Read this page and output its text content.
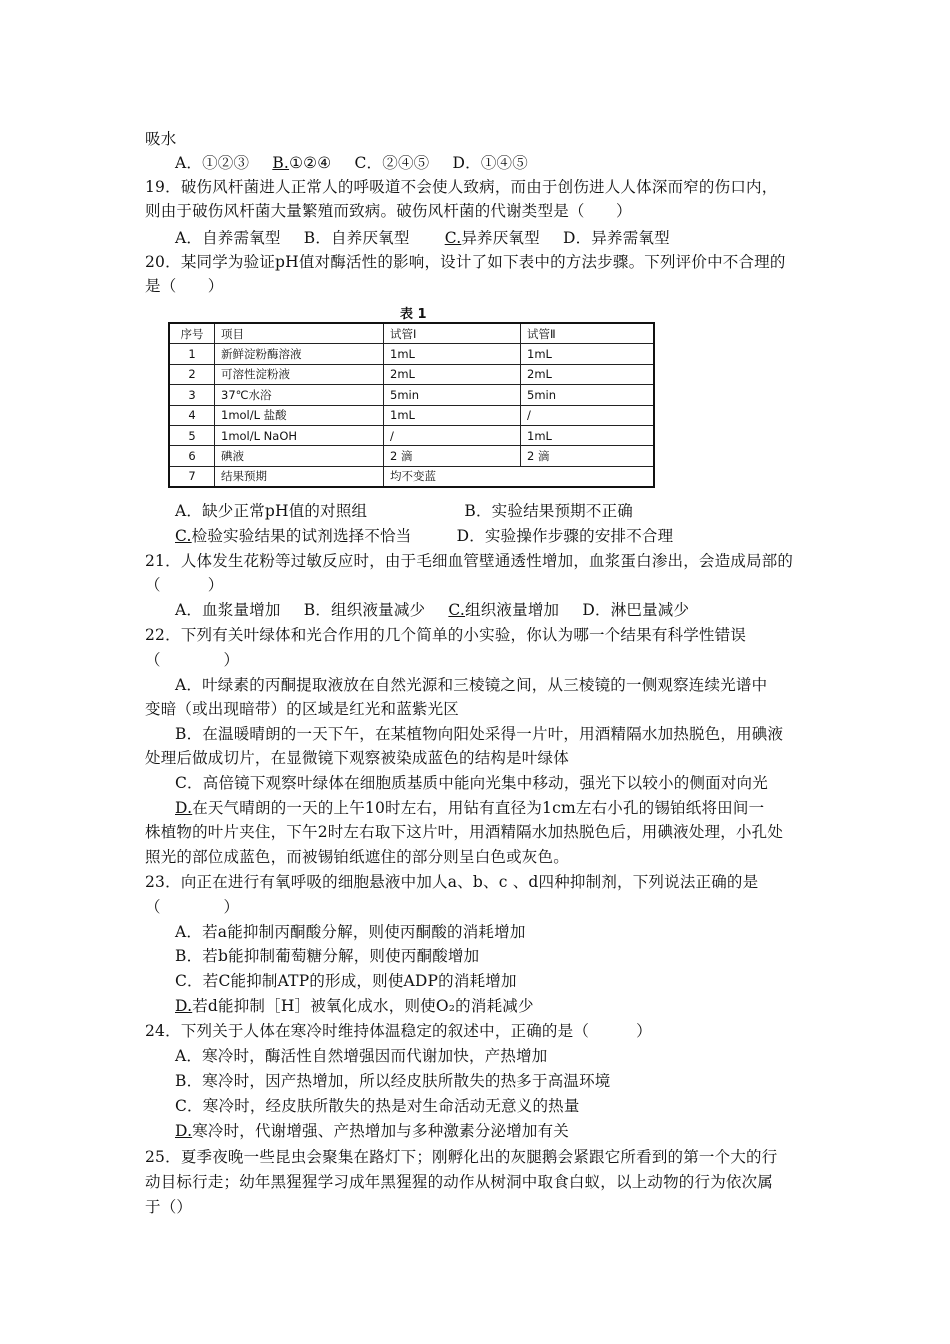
吸水
A．①②③ B.①②④ C．②④⑤ D．①④⑤
19．破伤风杆菌进人正常人的呼吸道不会使人致病，而由于创伤进人人体深而窄的伤口内，
则由于破伤风杆菌大量繁殖而致病。破伤风杆菌的代谢类型是（　　）
A．自养需氧型 B．自养厌氧型 C.异养厌氧型 D．异养需氧型
20．某同学为验证pH值对酶活性的影响，设计了如下表中的方法步骤。下列评价中不合理的
是（　　）
表 1
序号	项目	试管Ⅰ	试管Ⅱ
1	新鲜淀粉酶溶液	1mL	1mL
2	可溶性淀粉液	2mL	2mL
3	37℃水浴	5min	5min
4	1mol/L 盐酸	1mL	/
5	1mol/L NaOH	/	1mL
6	碘液	2 滴	2 滴
7	结果预期	均不变蓝	
A．缺少正常pH值的对照组	B．实验结果预期不正确
C.检验实验结果的试剂选择不恰当	D．实验操作步骤的安排不合理
21．人体发生花粉等过敏反应时，由于毛细血管壁通透性增加，血浆蛋白渗出，会造成局部的
（　　　）
A．血浆量增加 B．组织液量减少 C.组织液量增加 D．淋巴量减少
22．下列有关叶绿体和光合作用的几个简单的小实验，你认为哪一个结果有科学性错误
（　　　　）
A．叶绿素的丙酮提取液放在自然光源和三棱镜之间，从三棱镜的一侧观察连续光谱中
变暗（或出现暗带）的区域是红光和蓝紫光区
B．在温暖晴朗的一天下午，在某植物向阳处采得一片叶，用酒精隔水加热脱色，用碘液
处理后做成切片，在显微镜下观察被染成蓝色的结构是叶绿体
C．高倍镜下观察叶绿体在细胞质基质中能向光集中移动，强光下以较小的侧面对向光
D.在天气晴朗的一天的上午10时左右，用钻有直径为1cm左右小孔的锡铂纸将田间一
株植物的叶片夹住，下午2时左右取下这片叶，用酒精隔水加热脱色后，用碘液处理，小孔处
照光的部位成蓝色，而被锡铂纸遮住的部分则呈白色或灰色。
23．向正在进行有氧呼吸的细胞悬液中加人a、b、c 、d四种抑制剂，下列说法正确的是
（　　　　）
A．若a能抑制丙酮酸分解，则使丙酮酸的消耗增加
B．若b能抑制葡萄糖分解，则使丙酮酸增加
C．若C能抑制ATP的形成，则使ADP的消耗增加
D.若d能抑制［H］被氧化成水，则使O₂的消耗减少
24．下列关于人体在寒冷时维持体温稳定的叙述中，正确的是（　　　）
A．寒冷时，酶活性自然增强因而代谢加快，产热增加
B．寒冷时，因产热增加，所以经皮肤所散失的热多于高温环境
C．寒冷时，经皮肤所散失的热是对生命活动无意义的热量
D.寒冷时，代谢增强、产热增加与多种激素分泌增加有关
25．夏季夜晚一些昆虫会聚集在路灯下；刚孵化出的灰腿鹅会紧跟它所看到的第一个大的行
动目标行走；幼年黑猩猩学习成年黑猩猩的动作从树洞中取食白蚁，以上动物的行为依次属
于（）
